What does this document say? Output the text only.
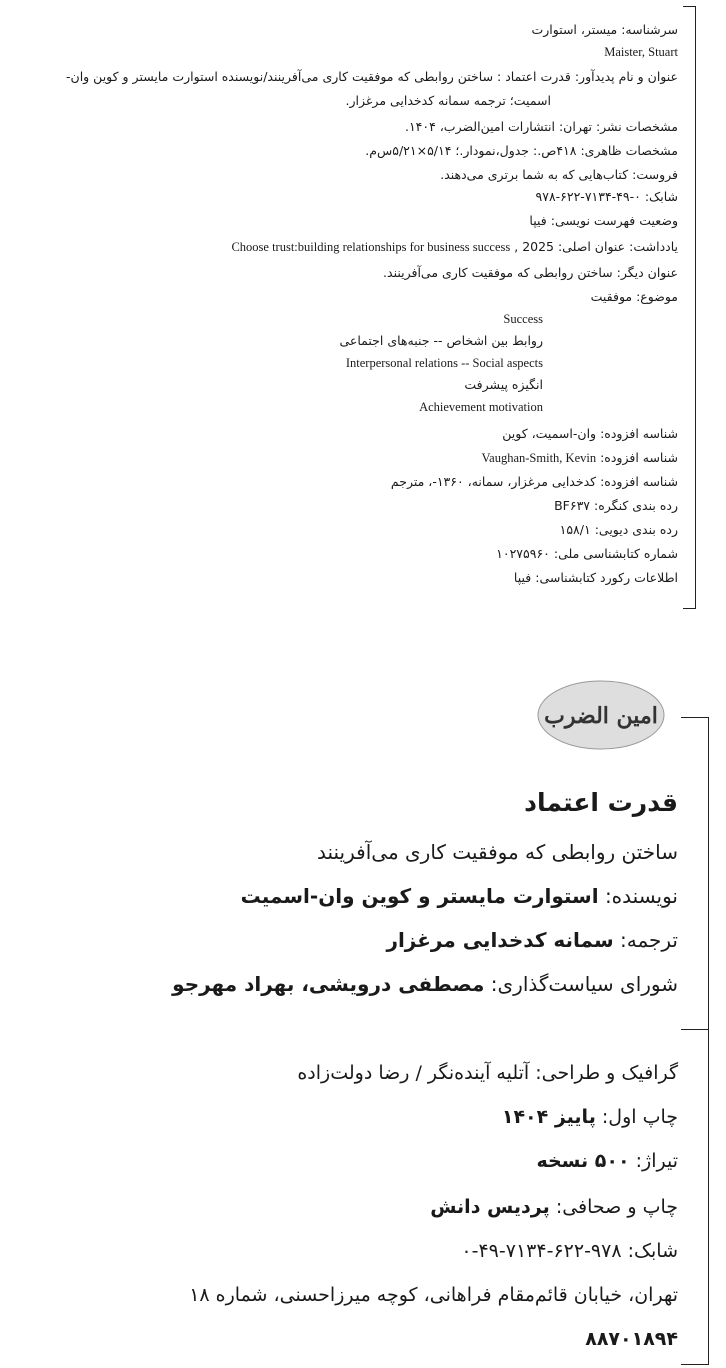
سرشناسه: میستر، استوارت
Maister, Stuart
عنوان و نام پدیدآور: قدرت اعتماد : ساختن روابطی که موفقیت کاری می‌آفرینند/نویسنده استوارت مایستر و کوین وان-
اسمیت؛ ترجمه سمانه کدخدایی مرغزار.
مشخصات نشر: تهران: انتشارات امین‌الضرب، ۱۴۰۴.
مشخصات ظاهری: ۴۱۸ص.: جدول،نمودار.؛ ۵/۱۴×۵/۲۱س‌م.
فروست: کتاب‌هایی که به شما برتری می‌دهند.
شابک: ۹۷۸-۶۲۲-۷۱۳۴-۴۹-۰
وضعیت فهرست نویسی: فیپا
یادداشت: عنوان اصلی: 2025 , Choose trust:building relationships for business success
عنوان دیگر: ساختن روابطی که موفقیت کاری می‌آفرینند.
موضوع: موفقیت
Success
روابط بین اشخاص -- جنبه‌های اجتماعی
Interpersonal relations -- Social aspects
انگیزه پیشرفت
Achievement motivation
شناسه افزوده: وان-اسمیت، کوین
شناسه افزوده: Vaughan-Smith, Kevin
شناسه افزوده: کدخدایی مرغزار، سمانه، ۱۳۶۰-، مترجم
رده بندی کنگره: BF۶۳۷
رده بندی دیویی: ۱۵۸/۱
شماره کتابشناسی ملی: ۱۰۲۷۵۹۶۰
اطلاعات رکورد کتابشناسی: فیپا
امین الضرب
قدرت اعتماد
ساختن روابطی که موفقیت کاری می‌آفرینند
نویسنده: استوارت مایستر و کوین وان-اسمیت
ترجمه: سمانه کدخدایی مرغزار
شورای سیاست‌گذاری: مصطفی درویشی، بهراد مهرجو
گرافیک و طراحی: آتلیه آینده‌نگر / رضا دولت‌زاده
چاپ اول: پاییز ۱۴۰۴
تیراژ: ۵۰۰ نسخه
چاپ و صحافی: پردیس دانش
شابک: ۹۷۸-۶۲۲-۷۱۳۴-۴۹-۰
تهران، خیابان قائم‌مقام فراهانی، کوچه میرزاحسنی، شماره ۱۸
۸۸۷۰۱۸۹۴
